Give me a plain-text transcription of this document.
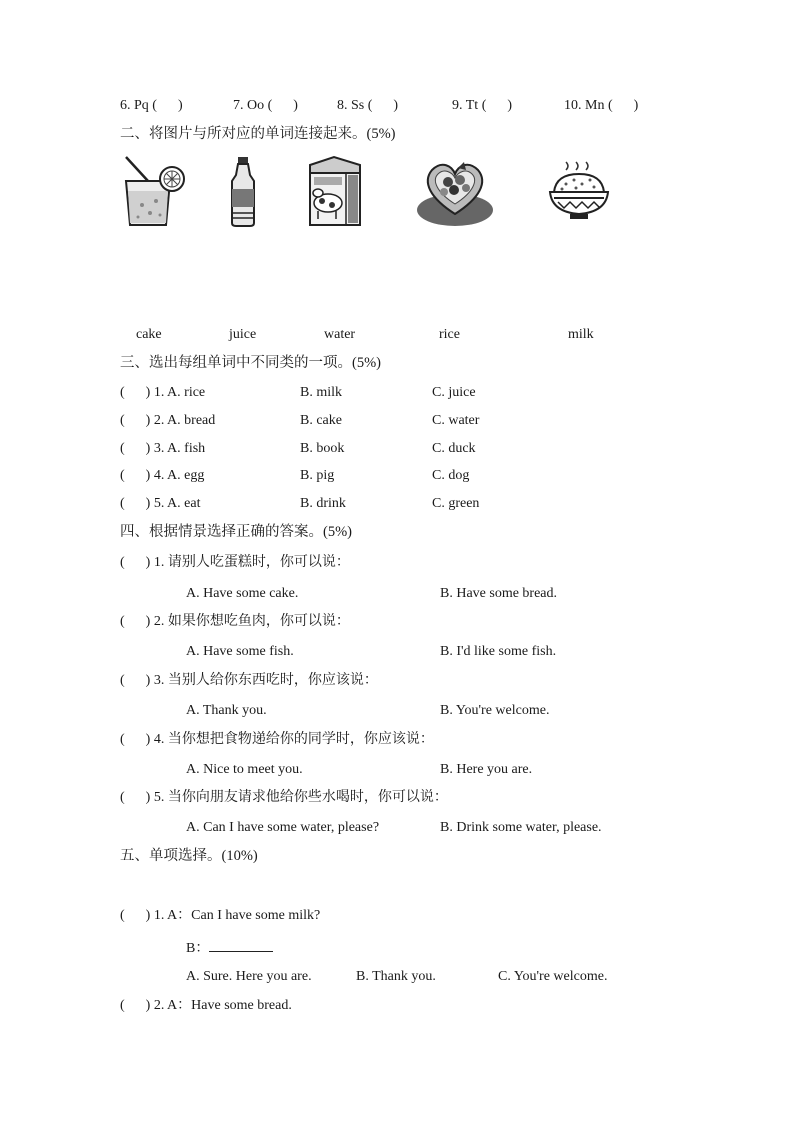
6. Pq (      )	7. Oo (      )	8. Ss (      )	9. Tt (      )	10. Mn (      )
二、将图片与所对应的单词连接起来。(5%)
cake	juice	water	rice	milk
三、选出每组单词中不同类的一项。(5%)
(      ) 1. A. rice	B. milk	C. juice
(      ) 2. A. bread	B. cake	C. water
(      ) 3. A. fish	B. book	C. duck
(      ) 4. A. egg	B. pig	C. dog
(      ) 5. A. eat	B. drink	C. green
四、根据情景选择正确的答案。(5%)
(      ) 1. 请别人吃蛋糕时，你可以说：
A. Have some cake.	B. Have some bread.
(      ) 2. 如果你想吃鱼肉，你可以说：
A. Have some fish.	B. I'd like some fish.
(      ) 3. 当别人给你东西吃时，你应该说：
A. Thank you.	B. You're welcome.
(      ) 4. 当你想把食物递给你的同学时，你应该说：
A. Nice to meet you.	B. Here you are.
(      ) 5. 当你向朋友请求他给你些水喝时，你可以说：
A. Can I have some water, please?	B. Drink some water, please.
五、单项选择。(10%)
(      ) 1. A：Can I have some milk?
B：
A. Sure. Here you are.	B. Thank you.	C. You're welcome.
(      ) 2. A：Have some bread.
